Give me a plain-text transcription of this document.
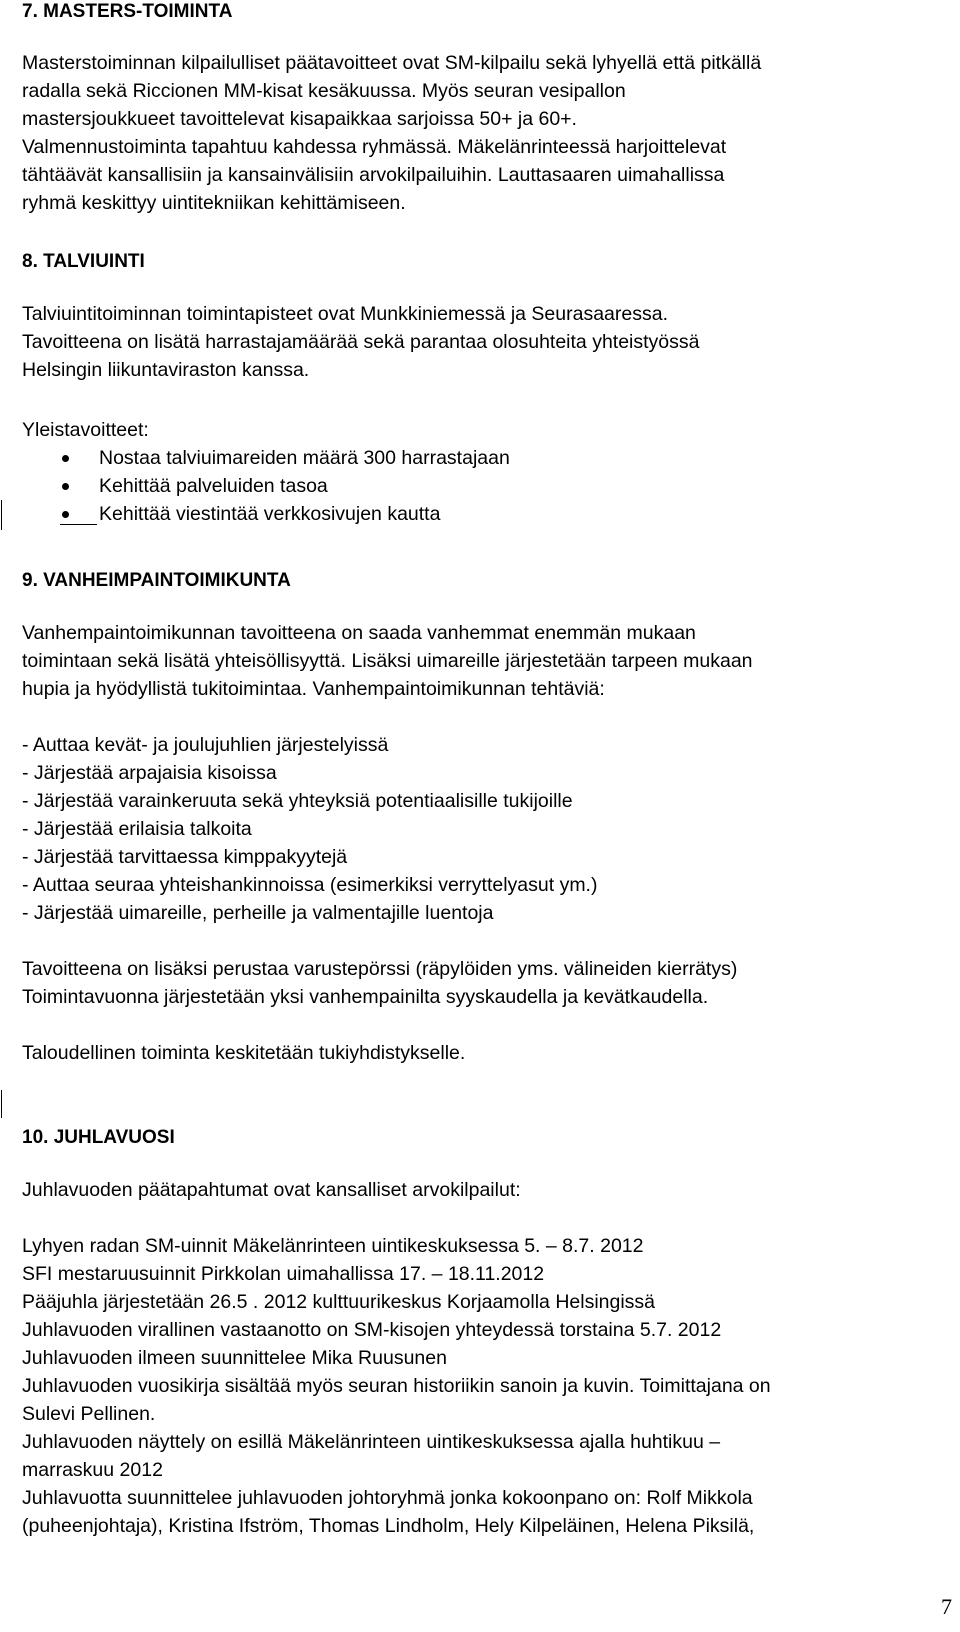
7. MASTERS-TOIMINTA

Masterstoiminnan kilpailulliset päätavoitteet ovat SM-kilpailu sekä lyhyellä että pitkällä

radalla sekä Riccionen MM-kisat kesäkuussa. Myös seuran vesipallon

mastersjoukkueet tavoittelevat kisapaikkaa sarjoissa 50+ ja 60+.

Valmennustoiminta tapahtuu kahdessa ryhmässä. Mäkelänrinteessä harjoittelevat

tähtäävät kansallisiin ja kansainvälisiin arvokilpailuihin. Lauttasaaren uimahallissa

ryhmä keskittyy uintitekniikan kehittämiseen.

8. TALVIUINTI

Talviuintitoiminnan toimintapisteet ovat Munkkiniemessä ja Seurasaaressa.

Tavoitteena on lisätä harrastajamäärää sekä parantaa olosuhteita yhteistyössä

Helsingin liikuntaviraston kanssa.

Yleistavoitteet:
Nostaa talviuimareiden määrä 300 harrastajaan
Kehittää palveluiden tasoa
Kehittää viestintää verkkosivujen kautta
9. VANHEIMPAINTOIMIKUNTA

Vanhempaintoimikunnan tavoitteena on saada vanhemmat enemmän mukaan

toimintaan sekä lisätä yhteisöllisyyttä. Lisäksi uimareille järjestetään tarpeen mukaan

hupia ja hyödyllistä tukitoimintaa. Vanhempaintoimikunnan tehtäviä:

- Auttaa kevät- ja joulujuhlien järjestelyissä
- Järjestää arpajaisia kisoissa
- Järjestää varainkeruuta sekä yhteyksiä potentiaalisille tukijoille
- Järjestää erilaisia talkoita
- Järjestää tarvittaessa kimppakyytejä
- Auttaa seuraa yhteishankinnoissa (esimerkiksi verryttelyasut ym.)
- Järjestää uimareille, perheille ja valmentajille luentoja

Tavoitteena on lisäksi perustaa varustepörssi (räpylöiden yms. välineiden kierrätys)

Toimintavuonna järjestetään yksi vanhempainilta syyskaudella ja kevätkaudella.

Taloudellinen toiminta keskitetään tukiyhdistykselle.
10. JUHLAVUOSI
Juhlavuoden päätapahtumat ovat kansalliset arvokilpailut:

Lyhyen radan SM-uinnit Mäkelänrinteen uintikeskuksessa 5. – 8.7. 2012

SFI mestaruusuinnit Pirkkolan uimahallissa 17. – 18.11.2012

Pääjuhla järjestetään 26.5 . 2012 kulttuurikeskus Korjaamolla Helsingissä

Juhlavuoden virallinen vastaanotto on SM-kisojen yhteydessä torstaina 5.7. 2012

Juhlavuoden ilmeen suunnittelee Mika Ruusunen

Juhlavuoden vuosikirja sisältää myös seuran historiikin sanoin ja kuvin. Toimittajana on

Sulevi Pellinen.

Juhlavuoden näyttely on esillä Mäkelänrinteen uintikeskuksessa ajalla huhtikuu –

marraskuu 2012

Juhlavuotta suunnittelee juhlavuoden johtoryhmä jonka kokoonpano on: Rolf Mikkola

(puheenjohtaja), Kristina Ifström, Thomas Lindholm, Hely Kilpeläinen, Helena Piksilä,

7
